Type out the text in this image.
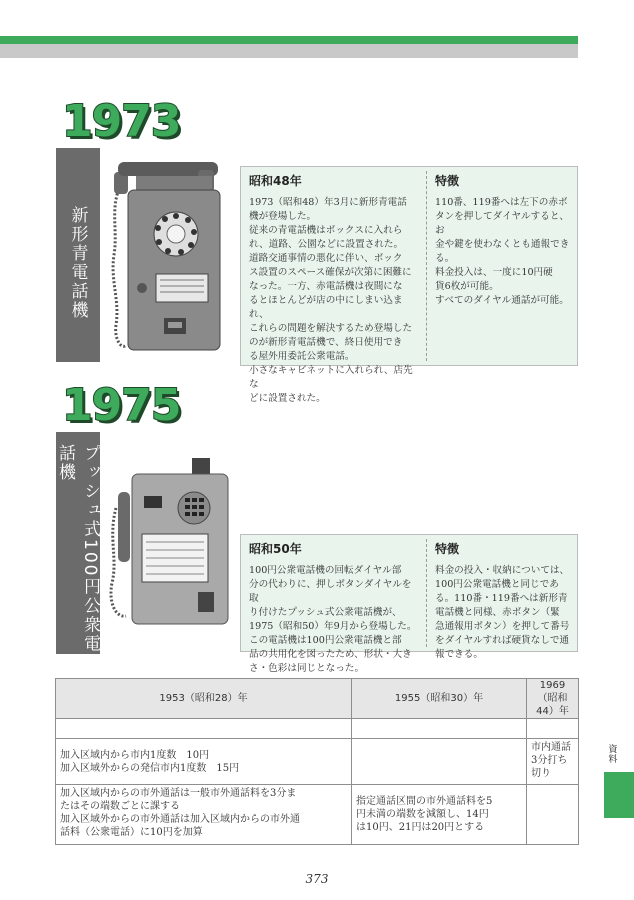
1973
新形青電話機
昭和48年

1973（昭和48）年3月に新形青電話
機が登場した。
従来の青電話機はボックスに入れら
れ、道路、公園などに設置された。
道路交通事情の悪化に伴い、ボック
ス設置のスペース確保が次第に困難に
なった。一方、赤電話機は夜間にな
るとほとんどが店の中にしまい込まれ、
これらの問題を解決するため登場した
のが新形青電話機で、終日使用でき
る屋外用委託公衆電話。
小さなキャビネットに入れられ、店先な
どに設置された。

特徴

110番、119番へは左下の赤ボ
タンを押してダイヤルすると、お
金や鍵を使わなくとも通報でき
る。
料金投入は、一度に10円硬
貨6枚が可能。
すべてのダイヤル通話が可能。

1975
プッシュ式100円公衆電話機
昭和50年

100円公衆電話機の回転ダイヤル部
分の代わりに、押しボタンダイヤルを取
り付けたプッシュ式公衆電話機が、
1975（昭和50）年9月から登場した。
この電話機は100円公衆電話機と部
品の共用化を図ったため、形状・大き
さ・色彩は同じとなった。

特徴

料金の投入・収納については、
100円公衆電話機と同じであ
る。110番・119番へは新形青
電話機と同様、赤ボタン（緊
急通報用ボタン）を押して番号
をダイヤルすれば硬貨なしで通
報できる。

1953（昭和28）年	1955（昭和30）年	1969
（昭和44）年

加入区域内から市内1度数　10円
加入区域外からの発信市内1度数　15円		市内通話
3分打ち
切り
加入区域内からの市外通話は一般市外通話料を3分ま
たはその端数ごとに課する
加入区域外からの市外通話は加入区域内からの市外通
話料（公衆電話）に10円を加算	指定通話区間の市外通話料を5
円未満の端数を減額し、14円
は10円、21円は20円とする	
資料
373
